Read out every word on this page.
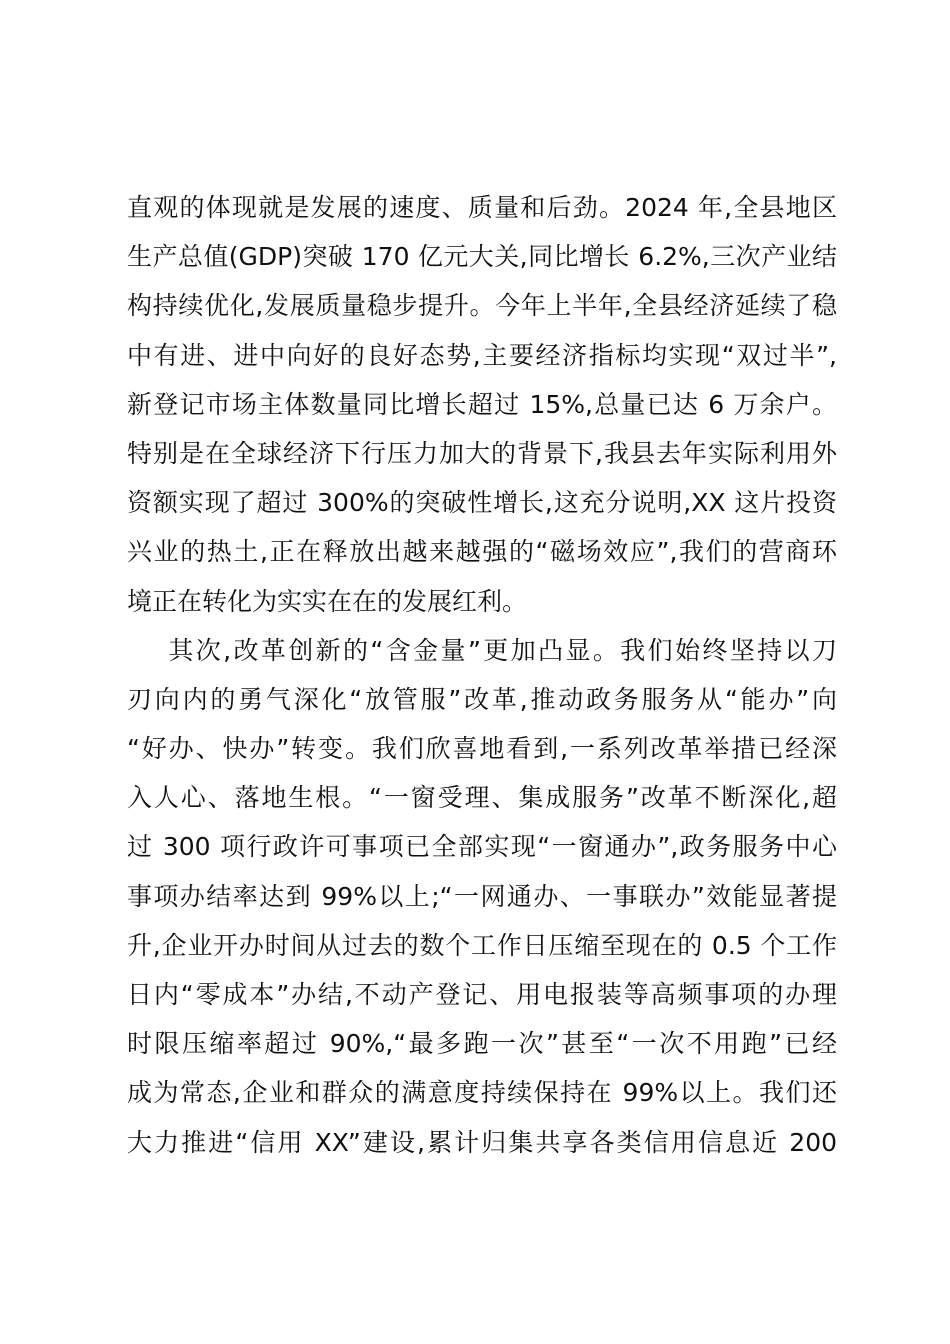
直观的体现就是发展的速度、质量和后劲。2024 年,全县地区
生产总值(GDP)突破 170 亿元大关,同比增长 6.2%,三次产业结
构持续优化,发展质量稳步提升。今年上半年,全县经济延续了稳
中有进、进中向好的良好态势,主要经济指标均实现“双过半”,
新登记市场主体数量同比增长超过 15%,总量已达 6 万余户。
特别是在全球经济下行压力加大的背景下,我县去年实际利用外
资额实现了超过 300%的突破性增长,这充分说明,XX 这片投资
兴业的热土,正在释放出越来越强的“磁场效应”,我们的营商环
境正在转化为实实在在的发展红利。
其次,改革创新的“含金量”更加凸显。我们始终坚持以刀
刃向内的勇气深化“放管服”改革,推动政务服务从“能办”向
“好办、快办”转变。我们欣喜地看到,一系列改革举措已经深
入人心、落地生根。“一窗受理、集成服务”改革不断深化,超
过 300 项行政许可事项已全部实现“一窗通办”,政务服务中心
事项办结率达到 99%以上;“一网通办、一事联办”效能显著提
升,企业开办时间从过去的数个工作日压缩至现在的 0.5 个工作
日内“零成本”办结,不动产登记、用电报装等高频事项的办理
时限压缩率超过 90%,“最多跑一次”甚至“一次不用跑”已经
成为常态,企业和群众的满意度持续保持在 99%以上。我们还
大力推进“信用 XX”建设,累计归集共享各类信用信息近 200
